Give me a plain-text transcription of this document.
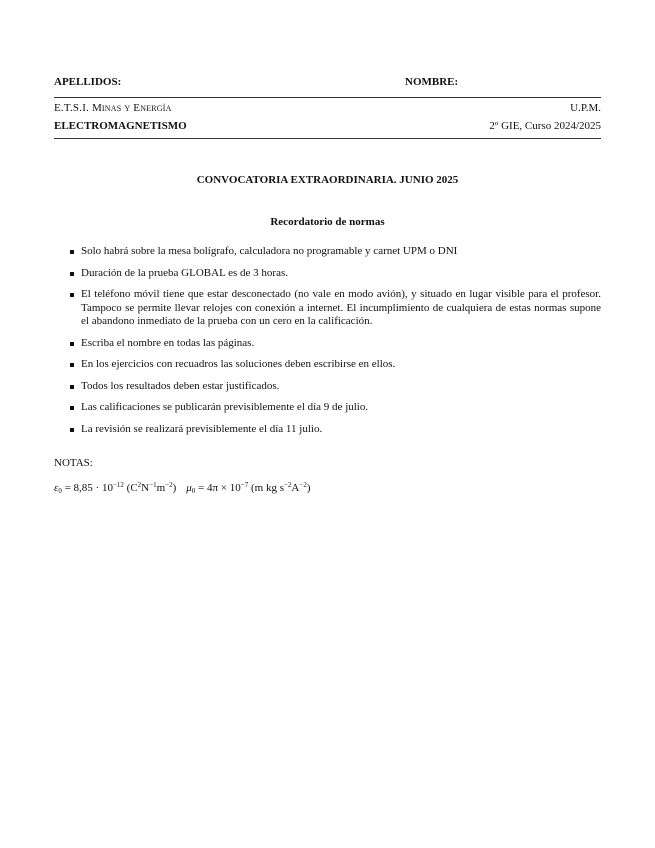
APELLIDOS:	NOMBRE:
E.T.S.I. Minas y Energía	U.P.M.
ELECTROMAGNETISMO	2º GIE, Curso 2024/2025
CONVOCATORIA EXTRAORDINARIA. JUNIO 2025
Recordatorio de normas
Solo habrá sobre la mesa bolígrafo, calculadora no programable y carnet UPM o DNI
Duración de la prueba GLOBAL es de 3 horas.
El teléfono móvil tiene que estar desconectado (no vale en modo avión), y situado en lugar visible para el profesor. Tampoco se permite llevar relojes con conexión a internet. El incumplimiento de cualquiera de estas normas supone el abandono inmediato de la prueba con un cero en la calificación.
Escriba el nombre en todas las páginas.
En los ejercicios con recuadros las soluciones deben escribirse en ellos.
Todos los resultados deben estar justificados.
Las calificaciones se publicarán previsiblemente el día 9 de julio.
La revisión se realizará previsiblemente el día 11 julio.
NOTAS:
$\varepsilon_0 = 8,85 \cdot 10^{-12}$ $(C^2N^{-1}m^{-2}) \mu_0 = 4\pi \times 10^{-7}$ (m kg $s^{-2}A^{-2}$)
